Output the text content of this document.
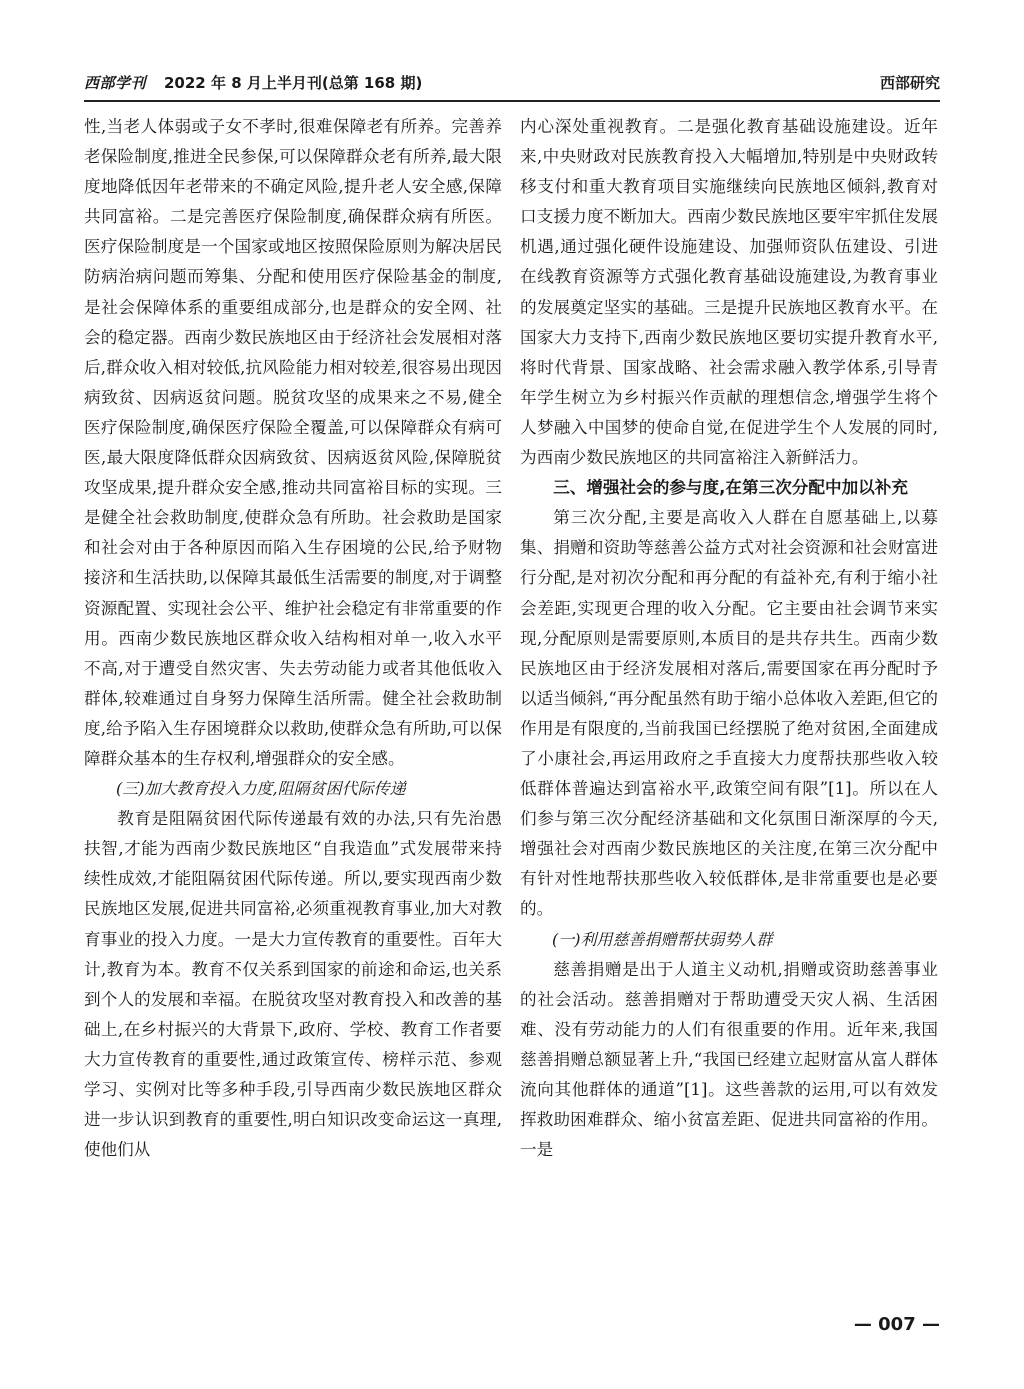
西部学刊 2022 年 8 月上半月刊(总第 168 期)	西部研究

性,当老人体弱或子女不孝时,很难保障老有所养。完善养老保险制度,推进全民参保,可以保障群众老有所养,最大限度地降低因年老带来的不确定风险,提升老人安全感,保障共同富裕。二是完善医疗保险制度,确保群众病有所医。医疗保险制度是一个国家或地区按照保险原则为解决居民防病治病问题而筹集、分配和使用医疗保险基金的制度,是社会保障体系的重要组成部分,也是群众的安全网、社会的稳定器。西南少数民族地区由于经济社会发展相对落后,群众收入相对较低,抗风险能力相对较差,很容易出现因病致贫、因病返贫问题。脱贫攻坚的成果来之不易,健全医疗保险制度,确保医疗保险全覆盖,可以保障群众有病可医,最大限度降低群众因病致贫、因病返贫风险,保障脱贫攻坚成果,提升群众安全感,推动共同富裕目标的实现。三是健全社会救助制度,使群众急有所助。社会救助是国家和社会对由于各种原因而陷入生存困境的公民,给予财物接济和生活扶助,以保障其最低生活需要的制度,对于调整资源配置、实现社会公平、维护社会稳定有非常重要的作用。西南少数民族地区群众收入结构相对单一,收入水平不高,对于遭受自然灾害、失去劳动能力或者其他低收入群体,较难通过自身努力保障生活所需。健全社会救助制度,给予陷入生存困境群众以救助,使群众急有所助,可以保障群众基本的生存权利,增强群众的安全感。

(三)加大教育投入力度,阻隔贫困代际传递

教育是阻隔贫困代际传递最有效的办法,只有先治愚扶智,才能为西南少数民族地区“自我造血”式发展带来持续性成效,才能阻隔贫困代际传递。所以,要实现西南少数民族地区发展,促进共同富裕,必须重视教育事业,加大对教育事业的投入力度。一是大力宣传教育的重要性。百年大计,教育为本。教育不仅关系到国家的前途和命运,也关系到个人的发展和幸福。在脱贫攻坚对教育投入和改善的基础上,在乡村振兴的大背景下,政府、学校、教育工作者要大力宣传教育的重要性,通过政策宣传、榜样示范、参观学习、实例对比等多种手段,引导西南少数民族地区群众进一步认识到教育的重要性,明白知识改变命运这一真理,使他们从

内心深处重视教育。二是强化教育基础设施建设。近年来,中央财政对民族教育投入大幅增加,特别是中央财政转移支付和重大教育项目实施继续向民族地区倾斜,教育对口支援力度不断加大。西南少数民族地区要牢牢抓住发展机遇,通过强化硬件设施建设、加强师资队伍建设、引进在线教育资源等方式强化教育基础设施建设,为教育事业的发展奠定坚实的基础。三是提升民族地区教育水平。在国家大力支持下,西南少数民族地区要切实提升教育水平,将时代背景、国家战略、社会需求融入教学体系,引导青年学生树立为乡村振兴作贡献的理想信念,增强学生将个人梦融入中国梦的使命自觉,在促进学生个人发展的同时,为西南少数民族地区的共同富裕注入新鲜活力。

三、增强社会的参与度,在第三次分配中加以补充

第三次分配,主要是高收入人群在自愿基础上,以募集、捐赠和资助等慈善公益方式对社会资源和社会财富进行分配,是对初次分配和再分配的有益补充,有利于缩小社会差距,实现更合理的收入分配。它主要由社会调节来实现,分配原则是需要原则,本质目的是共存共生。西南少数民族地区由于经济发展相对落后,需要国家在再分配时予以适当倾斜,“再分配虽然有助于缩小总体收入差距,但它的作用是有限度的,当前我国已经摆脱了绝对贫困,全面建成了小康社会,再运用政府之手直接大力度帮扶那些收入较低群体普遍达到富裕水平,政策空间有限”[1]。所以在人们参与第三次分配经济基础和文化氛围日渐深厚的今天,增强社会对西南少数民族地区的关注度,在第三次分配中有针对性地帮扶那些收入较低群体,是非常重要也是必要的。

(一)利用慈善捐赠帮扶弱势人群

慈善捐赠是出于人道主义动机,捐赠或资助慈善事业的社会活动。慈善捐赠对于帮助遭受天灾人祸、生活困难、没有劳动能力的人们有很重要的作用。近年来,我国慈善捐赠总额显著上升,“我国已经建立起财富从富人群体流向其他群体的通道”[1]。这些善款的运用,可以有效发挥救助困难群众、缩小贫富差距、促进共同富裕的作用。一是

— 007 —
